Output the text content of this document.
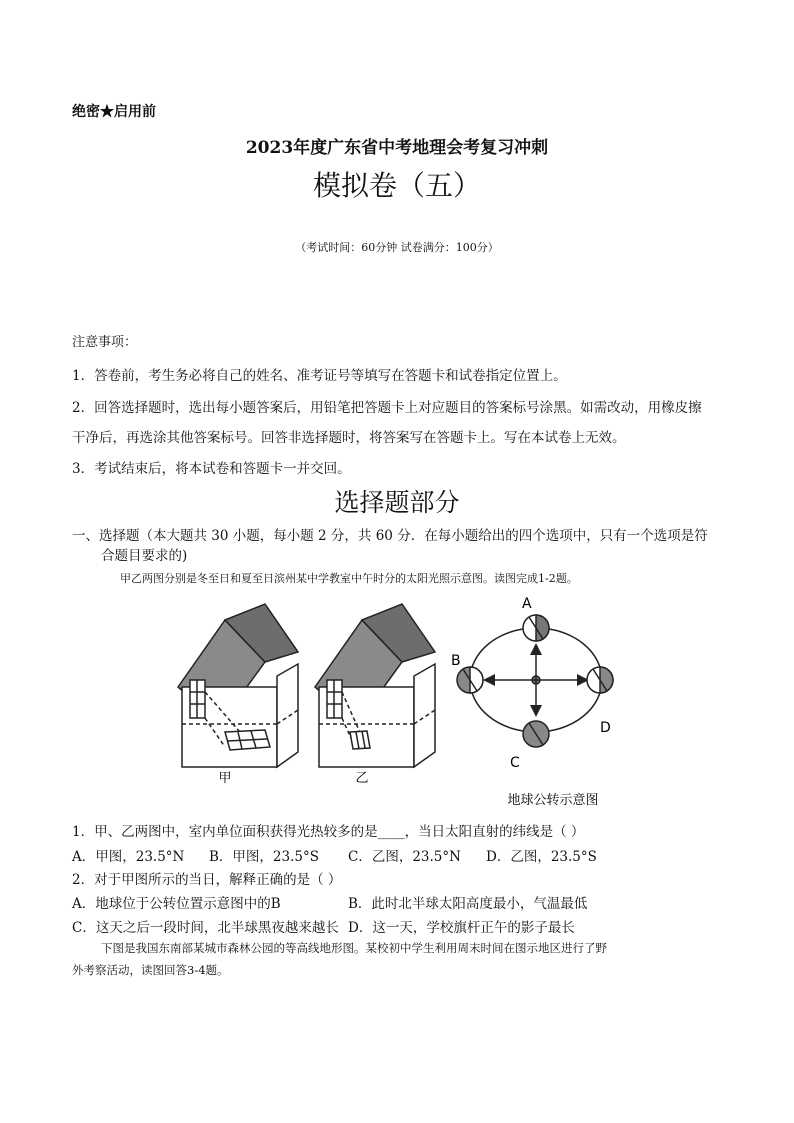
绝密★启用前
2023年度广东省中考地理会考复习冲刺
模拟卷（五）
（考试时间：60分钟 试卷满分：100分）
注意事项：
1．答卷前，考生务必将自己的姓名、准考证号等填写在答题卡和试卷指定位置上。
2．回答选择题时，选出每小题答案后，用铅笔把答题卡上对应题目的答案标号涂黑。如需改动，用橡皮擦
干净后，再选涂其他答案标号。回答非选择题时，将答案写在答题卡上。写在本试卷上无效。
3．考试结束后，将本试卷和答题卡一并交回。
选择题部分
一、选择题（本大题共 30 小题，每小题 2 分，共 60 分．在每小题给出的四个选项中，只有一个选项是符
合题目要求的)
甲乙两图分别是冬至日和夏至日滨州某中学教室中午时分的太阳光照示意图。读图完成1-2题。
甲	乙
A
B
C
D
地球公转示意图
1．甲、乙两图中，室内单位面积获得光热较多的是____，当日太阳直射的纬线是（ ）
A．甲图，23.5°N B．甲图，23.5°S C．乙图，23.5°N D．乙图，23.5°S
2．对于甲图所示的当日，解释正确的是（ ）
A．地球位于公转位置示意图中的B	B．此时北半球太阳高度最小，气温最低
C．这天之后一段时间，北半球黑夜越来越长 D．这一天，学校旗杆正午的影子最长
下图是我国东南部某城市森林公园的等高线地形图。某校初中学生利用周末时间在图示地区进行了野
外考察活动，读图回答3-4题。
